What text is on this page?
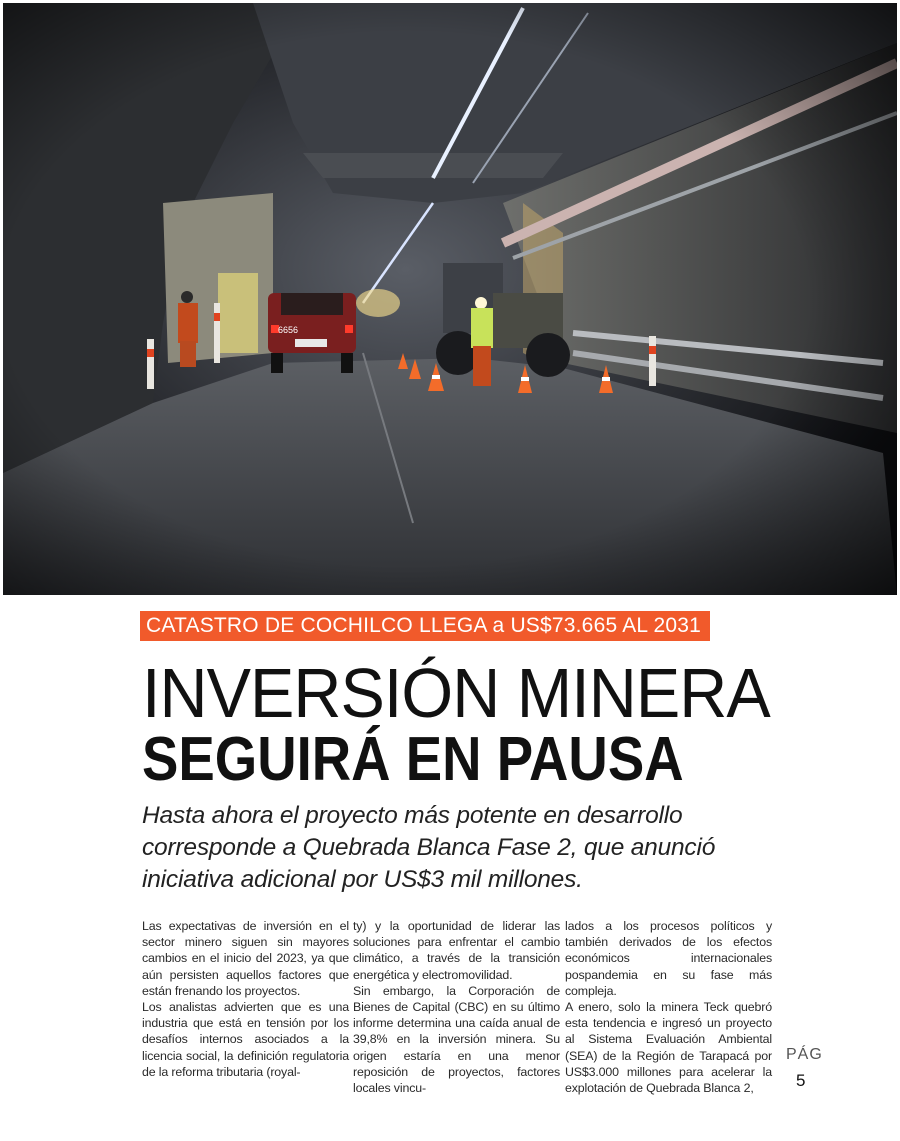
CATASTRO DE COCHILCO LLEGA a US$73.665 AL 2031
INVERSIÓN MINERA
SEGUIRÁ EN PAUSA

Hasta ahora el proyecto más potente en desarrollo corresponde a Quebrada Blanca Fase 2, que anunció iniciativa adicional por US$3 mil millones.

Las expectativas de inversión en el sector minero siguen sin mayores cambios en el inicio del 2023, ya que aún persisten aquellos factores que están frenando los proyectos.

Los analistas advierten que es una industria que está en tensión por los desafíos internos asociados a la licencia social, la definición regulatoria de la reforma tributaria (royal-

ty) y la oportunidad de liderar las soluciones para enfrentar el cambio climático, a través de la transición energética y electromovilidad.

Sin embargo, la Corporación de Bienes de Capital (CBC) en su último informe determina una caída anual de 39,8% en la inversión minera. Su origen estaría en una menor reposición de proyectos, factores locales vincu-

lados a los procesos políticos y también derivados de los efectos económicos internacionales pospandemia en su fase más compleja.

A enero, solo la minera Teck quebró esta tendencia e ingresó un proyecto al Sistema Evaluación Ambiental (SEA) de la Región de Tarapacá por US$3.000 millones para acelerar la explotación de Quebrada Blanca 2,

PÁG
5
